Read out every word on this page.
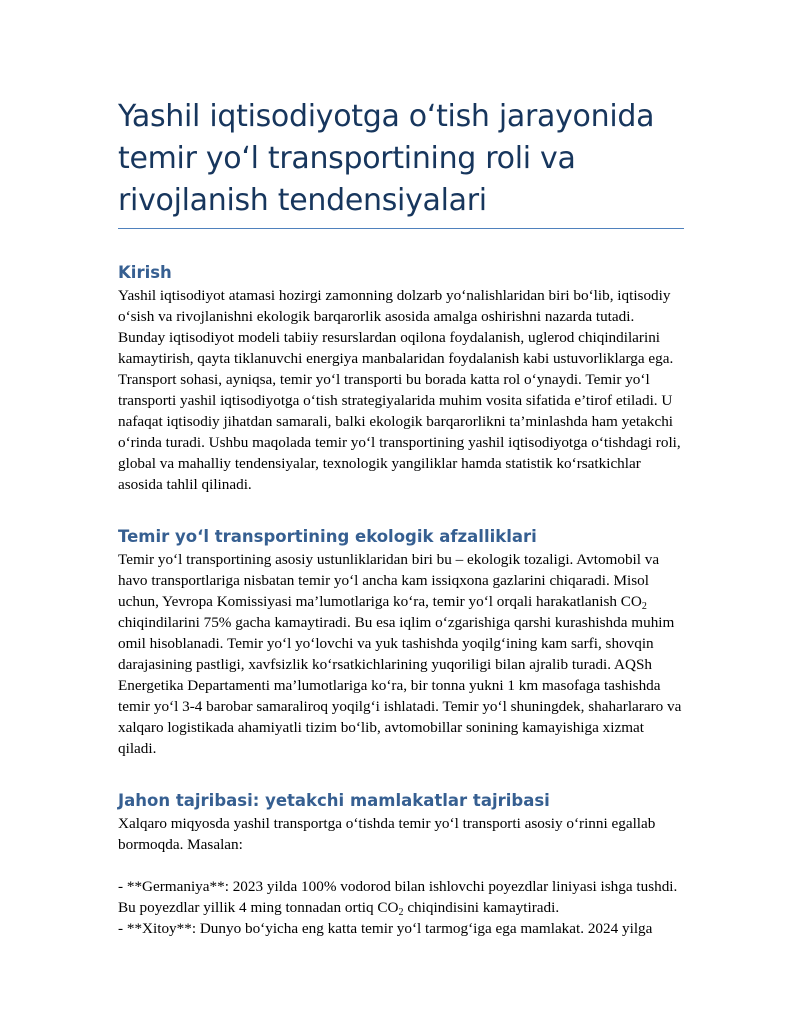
Yashil iqtisodiyotga o‘tish jarayonida temir yo‘l transportining roli va rivojlanish tendensiyalari
Kirish

Yashil iqtisodiyot atamasi hozirgi zamonning dolzarb yo‘nalishlaridan biri bo‘lib, iqtisodiy o‘sish va rivojlanishni ekologik barqarorlik asosida amalga oshirishni nazarda tutadi. Bunday iqtisodiyot modeli tabiiy resurslardan oqilona foydalanish, uglerod chiqindilarini kamaytirish, qayta tiklanuvchi energiya manbalaridan foydalanish kabi ustuvorliklarga ega. Transport sohasi, ayniqsa, temir yo‘l transporti bu borada katta rol o‘ynaydi. Temir yo‘l transporti yashil iqtisodiyotga o‘tish strategiyalarida muhim vosita sifatida e’tirof etiladi. U nafaqat iqtisodiy jihatdan samarali, balki ekologik barqarorlikni ta’minlashda ham yetakchi o‘rinda turadi. Ushbu maqolada temir yo‘l transportining yashil iqtisodiyotga o‘tishdagi roli, global va mahalliy tendensiyalar, texnologik yangiliklar hamda statistik ko‘rsatkichlar asosida tahlil qilinadi.

Temir yo‘l transportining ekologik afzalliklari

Temir yo‘l transportining asosiy ustunliklaridan biri bu – ekologik tozaligi. Avtomobil va havo transportlariga nisbatan temir yo‘l ancha kam issiqxona gazlarini chiqaradi. Misol uchun, Yevropa Komissiyasi ma’lumotlariga ko‘ra, temir yo‘l orqali harakatlanish $CO_2$ chiqindilarini 75% gacha kamaytiradi. Bu esa iqlim o‘zgarishiga qarshi kurashishda muhim omil hisoblanadi. Temir yo‘l yo‘lovchi va yuk tashishda yoqilg‘ining kam sarfi, shovqin darajasining pastligi, xavfsizlik ko‘rsatkichlarining yuqoriligi bilan ajralib turadi. AQSh Energetika Departamenti ma’lumotlariga ko‘ra, bir tonna yukni 1 km masofaga tashishda temir yo‘l 3-4 barobar samaraliroq yoqilg‘i ishlatadi. Temir yo‘l shuningdek, shaharlararo va xalqaro logistikada ahamiyatli tizim bo‘lib, avtomobillar sonining kamayishiga xizmat qiladi.

Jahon tajribasi: yetakchi mamlakatlar tajribasi

Xalqaro miqyosda yashil transportga o‘tishda temir yo‘l transporti asosiy o‘rinni egallab bormoqda. Masalan:

- **Germaniya**: 2023 yilda 100% vodorod bilan ishlovchi poyezdlar liniyasi ishga tushdi. Bu poyezdlar yillik 4 ming tonnadan ortiq $CO_2$ chiqindisini kamaytiradi.

- **Xitoy**: Dunyo bo‘yicha eng katta temir yo‘l tarmog‘iga ega mamlakat. 2024 yilga
